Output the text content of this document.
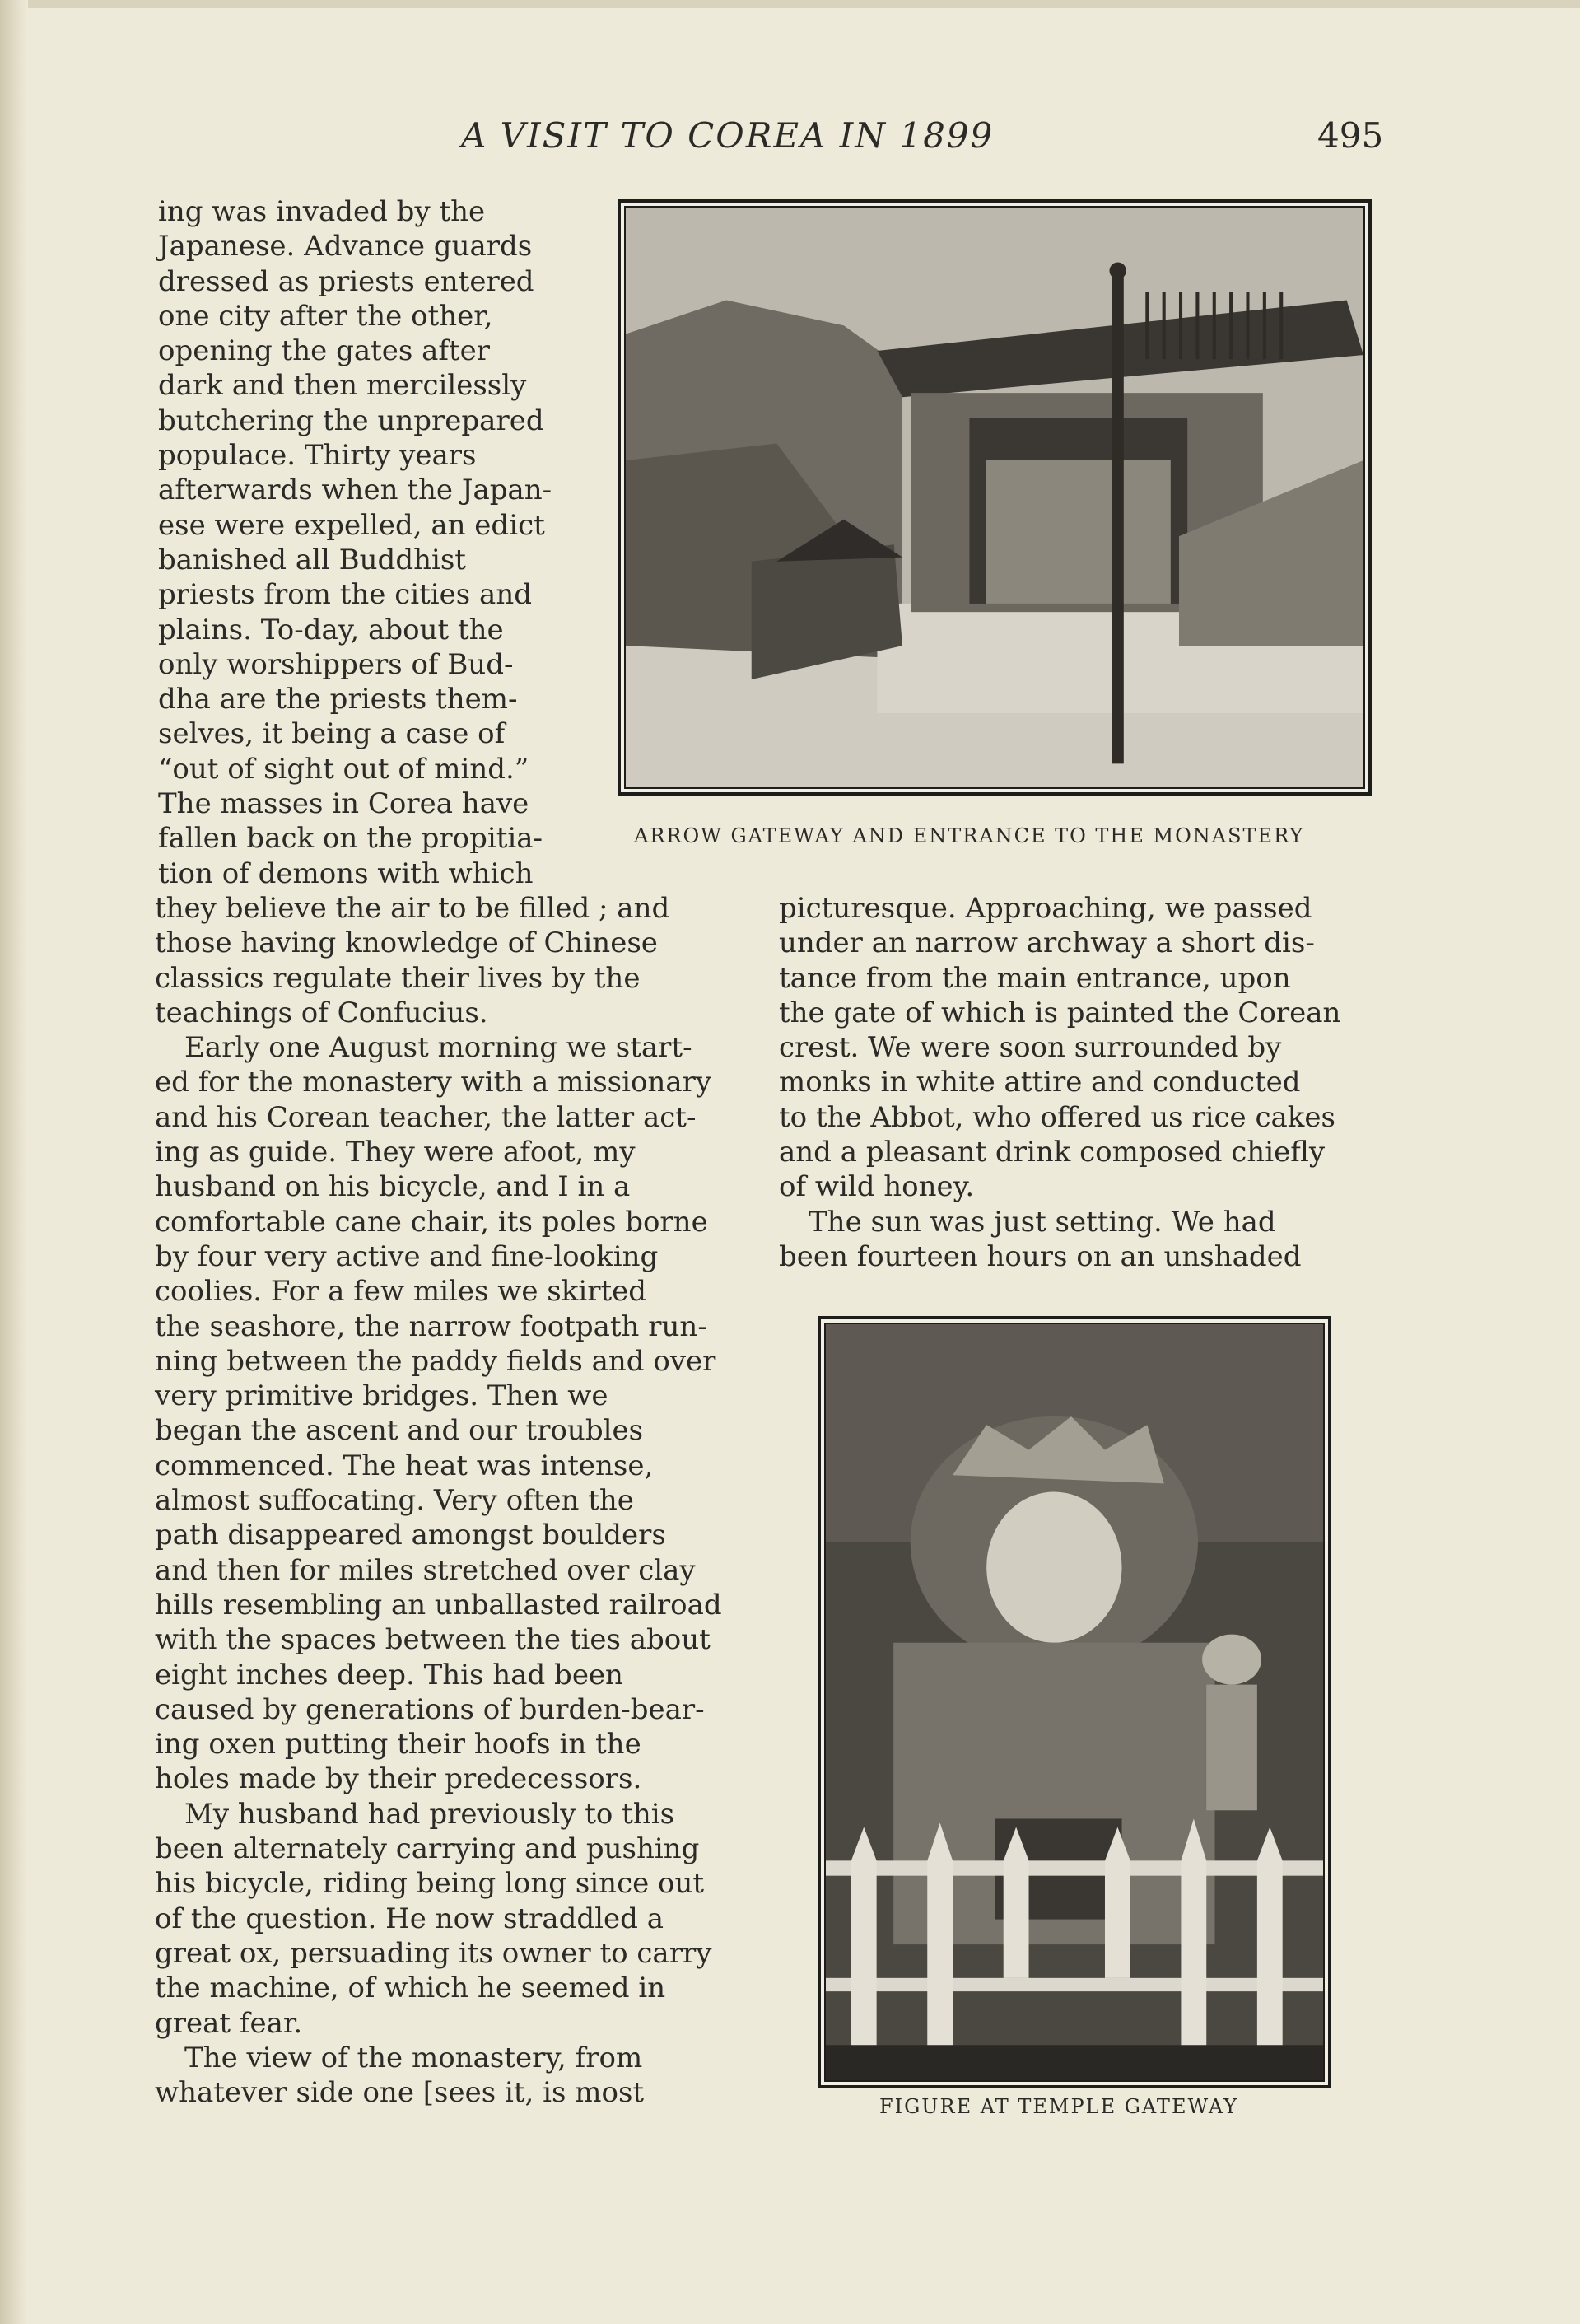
A VISIT TO COREA IN 1899	495

ing was invaded by the

Japanese. Advance guards

dressed as priests entered

one city after the other,

opening the gates after

dark and then mercilessly

butchering the unprepared

populace. Thirty years

afterwards when the Japan-

ese were expelled, an edict

banished all Buddhist

priests from the cities and

plains. To-day, about the

only worshippers of Bud-

dha are the priests them-

selves, it being a case of

“out of sight out of mind.”

The masses in Corea have

fallen back on the propitia-

tion of demons with which

ARROW GATEWAY AND ENTRANCE TO THE MONASTERY

they believe the air to be filled ; and

those having knowledge of Chinese

classics regulate their lives by the

teachings of Confucius.

Early one August morning we start-

ed for the monastery with a missionary

and his Corean teacher, the latter act-

ing as guide. They were afoot, my

husband on his bicycle, and I in a

comfortable cane chair, its poles borne

by four very active and fine-looking

coolies. For a few miles we skirted

the seashore, the narrow footpath run-

ning between the paddy fields and over

very primitive bridges. Then we

began the ascent and our troubles

commenced. The heat was intense,

almost suffocating. Very often the

path disappeared amongst boulders

and then for miles stretched over clay

hills resembling an unballasted railroad

with the spaces between the ties about

eight inches deep. This had been

caused by generations of burden-bear-

ing oxen putting their hoofs in the

holes made by their predecessors.

My husband had previously to this

been alternately carrying and pushing

his bicycle, riding being long since out

of the question. He now straddled a

great ox, persuading its owner to carry

the machine, of which he seemed in

great fear.

The view of the monastery, from

whatever side one [sees it, is most

picturesque. Approaching, we passed

under an narrow archway a short dis-

tance from the main entrance, upon

the gate of which is painted the Corean

crest. We were soon surrounded by

monks in white attire and conducted

to the Abbot, who offered us rice cakes

and a pleasant drink composed chiefly

of wild honey.

The sun was just setting. We had

been fourteen hours on an unshaded

FIGURE AT TEMPLE GATEWAY
